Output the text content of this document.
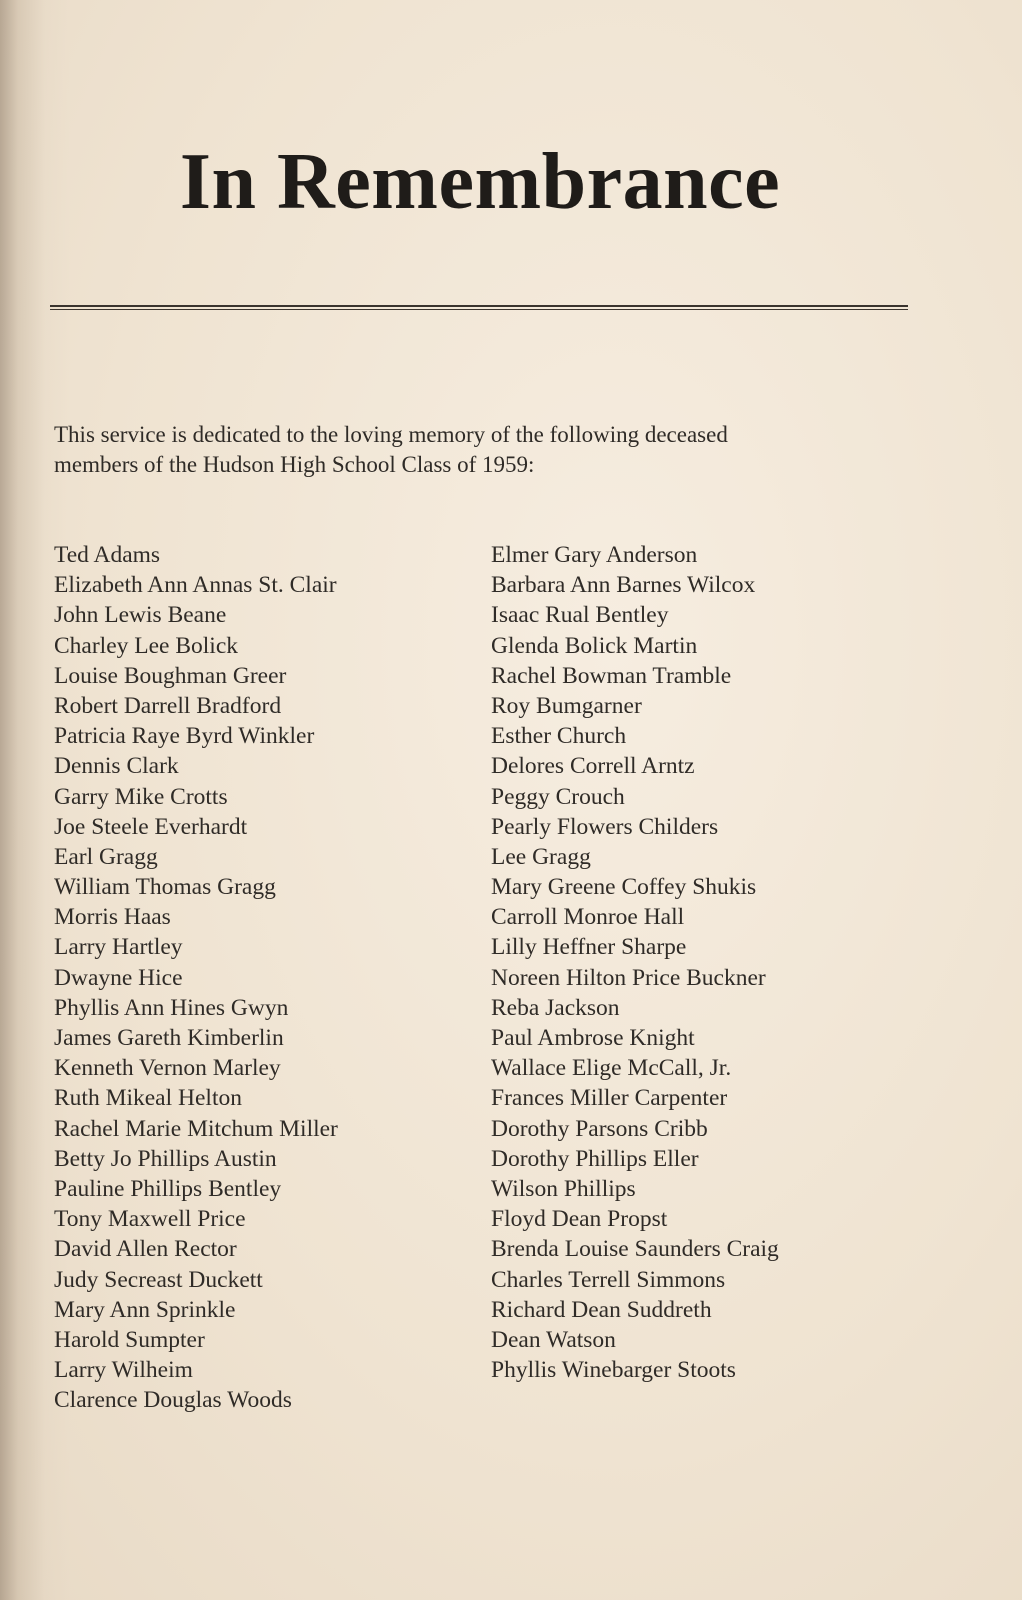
In Remembrance
This service is dedicated to the loving memory of the following deceased
members of the Hudson High School Class of 1959:
Ted Adams
Elizabeth Ann Annas St. Clair
John Lewis Beane
Charley Lee Bolick
Louise Boughman Greer
Robert Darrell Bradford
Patricia Raye Byrd Winkler
Dennis Clark
Garry Mike Crotts
Joe Steele Everhardt
Earl Gragg
William Thomas Gragg
Morris Haas
Larry Hartley
Dwayne Hice
Phyllis Ann Hines Gwyn
James Gareth Kimberlin
Kenneth Vernon Marley
Ruth Mikeal Helton
Rachel Marie Mitchum Miller
Betty Jo Phillips Austin
Pauline Phillips Bentley
Tony Maxwell Price
David Allen Rector
Judy Secreast Duckett
Mary Ann Sprinkle
Harold Sumpter
Larry Wilheim
Clarence Douglas Woods
Elmer Gary Anderson
Barbara Ann Barnes Wilcox
Isaac Rual Bentley
Glenda Bolick Martin
Rachel Bowman Tramble
Roy Bumgarner
Esther Church
Delores Correll Arntz
Peggy Crouch
Pearly Flowers Childers
Lee Gragg
Mary Greene Coffey Shukis
Carroll Monroe Hall
Lilly Heffner Sharpe
Noreen Hilton Price Buckner
Reba Jackson
Paul Ambrose Knight
Wallace Elige McCall, Jr.
Frances Miller Carpenter
Dorothy Parsons Cribb
Dorothy Phillips Eller
Wilson Phillips
Floyd Dean Propst
Brenda Louise Saunders Craig
Charles Terrell Simmons
Richard Dean Suddreth
Dean Watson
Phyllis Winebarger Stoots
